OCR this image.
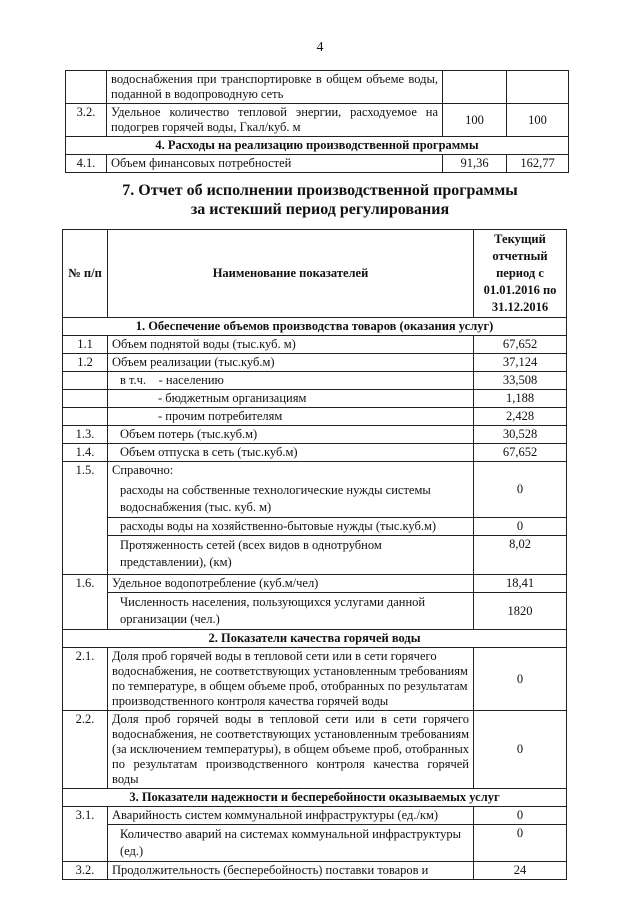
4
	водоснабжения при транспортировке в общем объеме воды, поданной в водопроводную сеть		
3.2.	Удельное количество тепловой энергии, расходуемое на подогрев горячей воды, Гкал/куб. м	100	100
4. Расходы на реализацию производственной программы			
4.1.	Объем финансовых потребностей	91,36	162,77
7. Отчет об исполнении производственной программы
за истекший период регулирования
№ п/п	Наименование показателей	Текущий отчетный период с 01.01.2016 по 31.12.2016
1. Обеспечение объемов производства товаров (оказания услуг)		
1.1	Объем поднятой воды (тыс.куб. м)	67,652
1.2	Объем реализации (тыс.куб.м)	37,124
	в т.ч.    - населению	33,508
	- бюджетным организациям	1,188
	- прочим потребителям	2,428
1.3.	Объем потерь (тыс.куб.м)	30,528
1.4.	Объем отпуска в сеть (тыс.куб.м)	67,652
1.5.	Справочно:	
	расходы на собственные технологические нужды системы водоснабжения (тыс. куб. м)	0
	расходы воды на хозяйственно-бытовые нужды (тыс.куб.м)	0
	Протяженность сетей (всех видов в однотрубном представлении), (км)	8,02
1.6.	Удельное водопотребление (куб.м/чел)	18,41
	Численность населения, пользующихся услугами данной организации (чел.)	1820
2. Показатели качества горячей воды		
2.1.	Доля проб горячей воды в тепловой сети или в сети горячего водоснабжения, не соответствующих установленным требованиям по температуре, в общем объеме проб, отобранных по результатам производственного контроля качества горячей воды	0
2.2.	Доля проб горячей воды в тепловой сети или в сети горячего водоснабжения, не соответствующих установленным требованиям (за исключением температуры), в общем объеме проб, отобранных по результатам производственного контроля качества горячей воды	0
3. Показатели надежности и бесперебойности оказываемых услуг		
3.1.	Аварийность систем коммунальной инфраструктуры (ед./км)	0
	Количество аварий на системах коммунальной инфраструктуры (ед.)	0
3.2.	Продолжительность (бесперебойность) поставки товаров и	24
